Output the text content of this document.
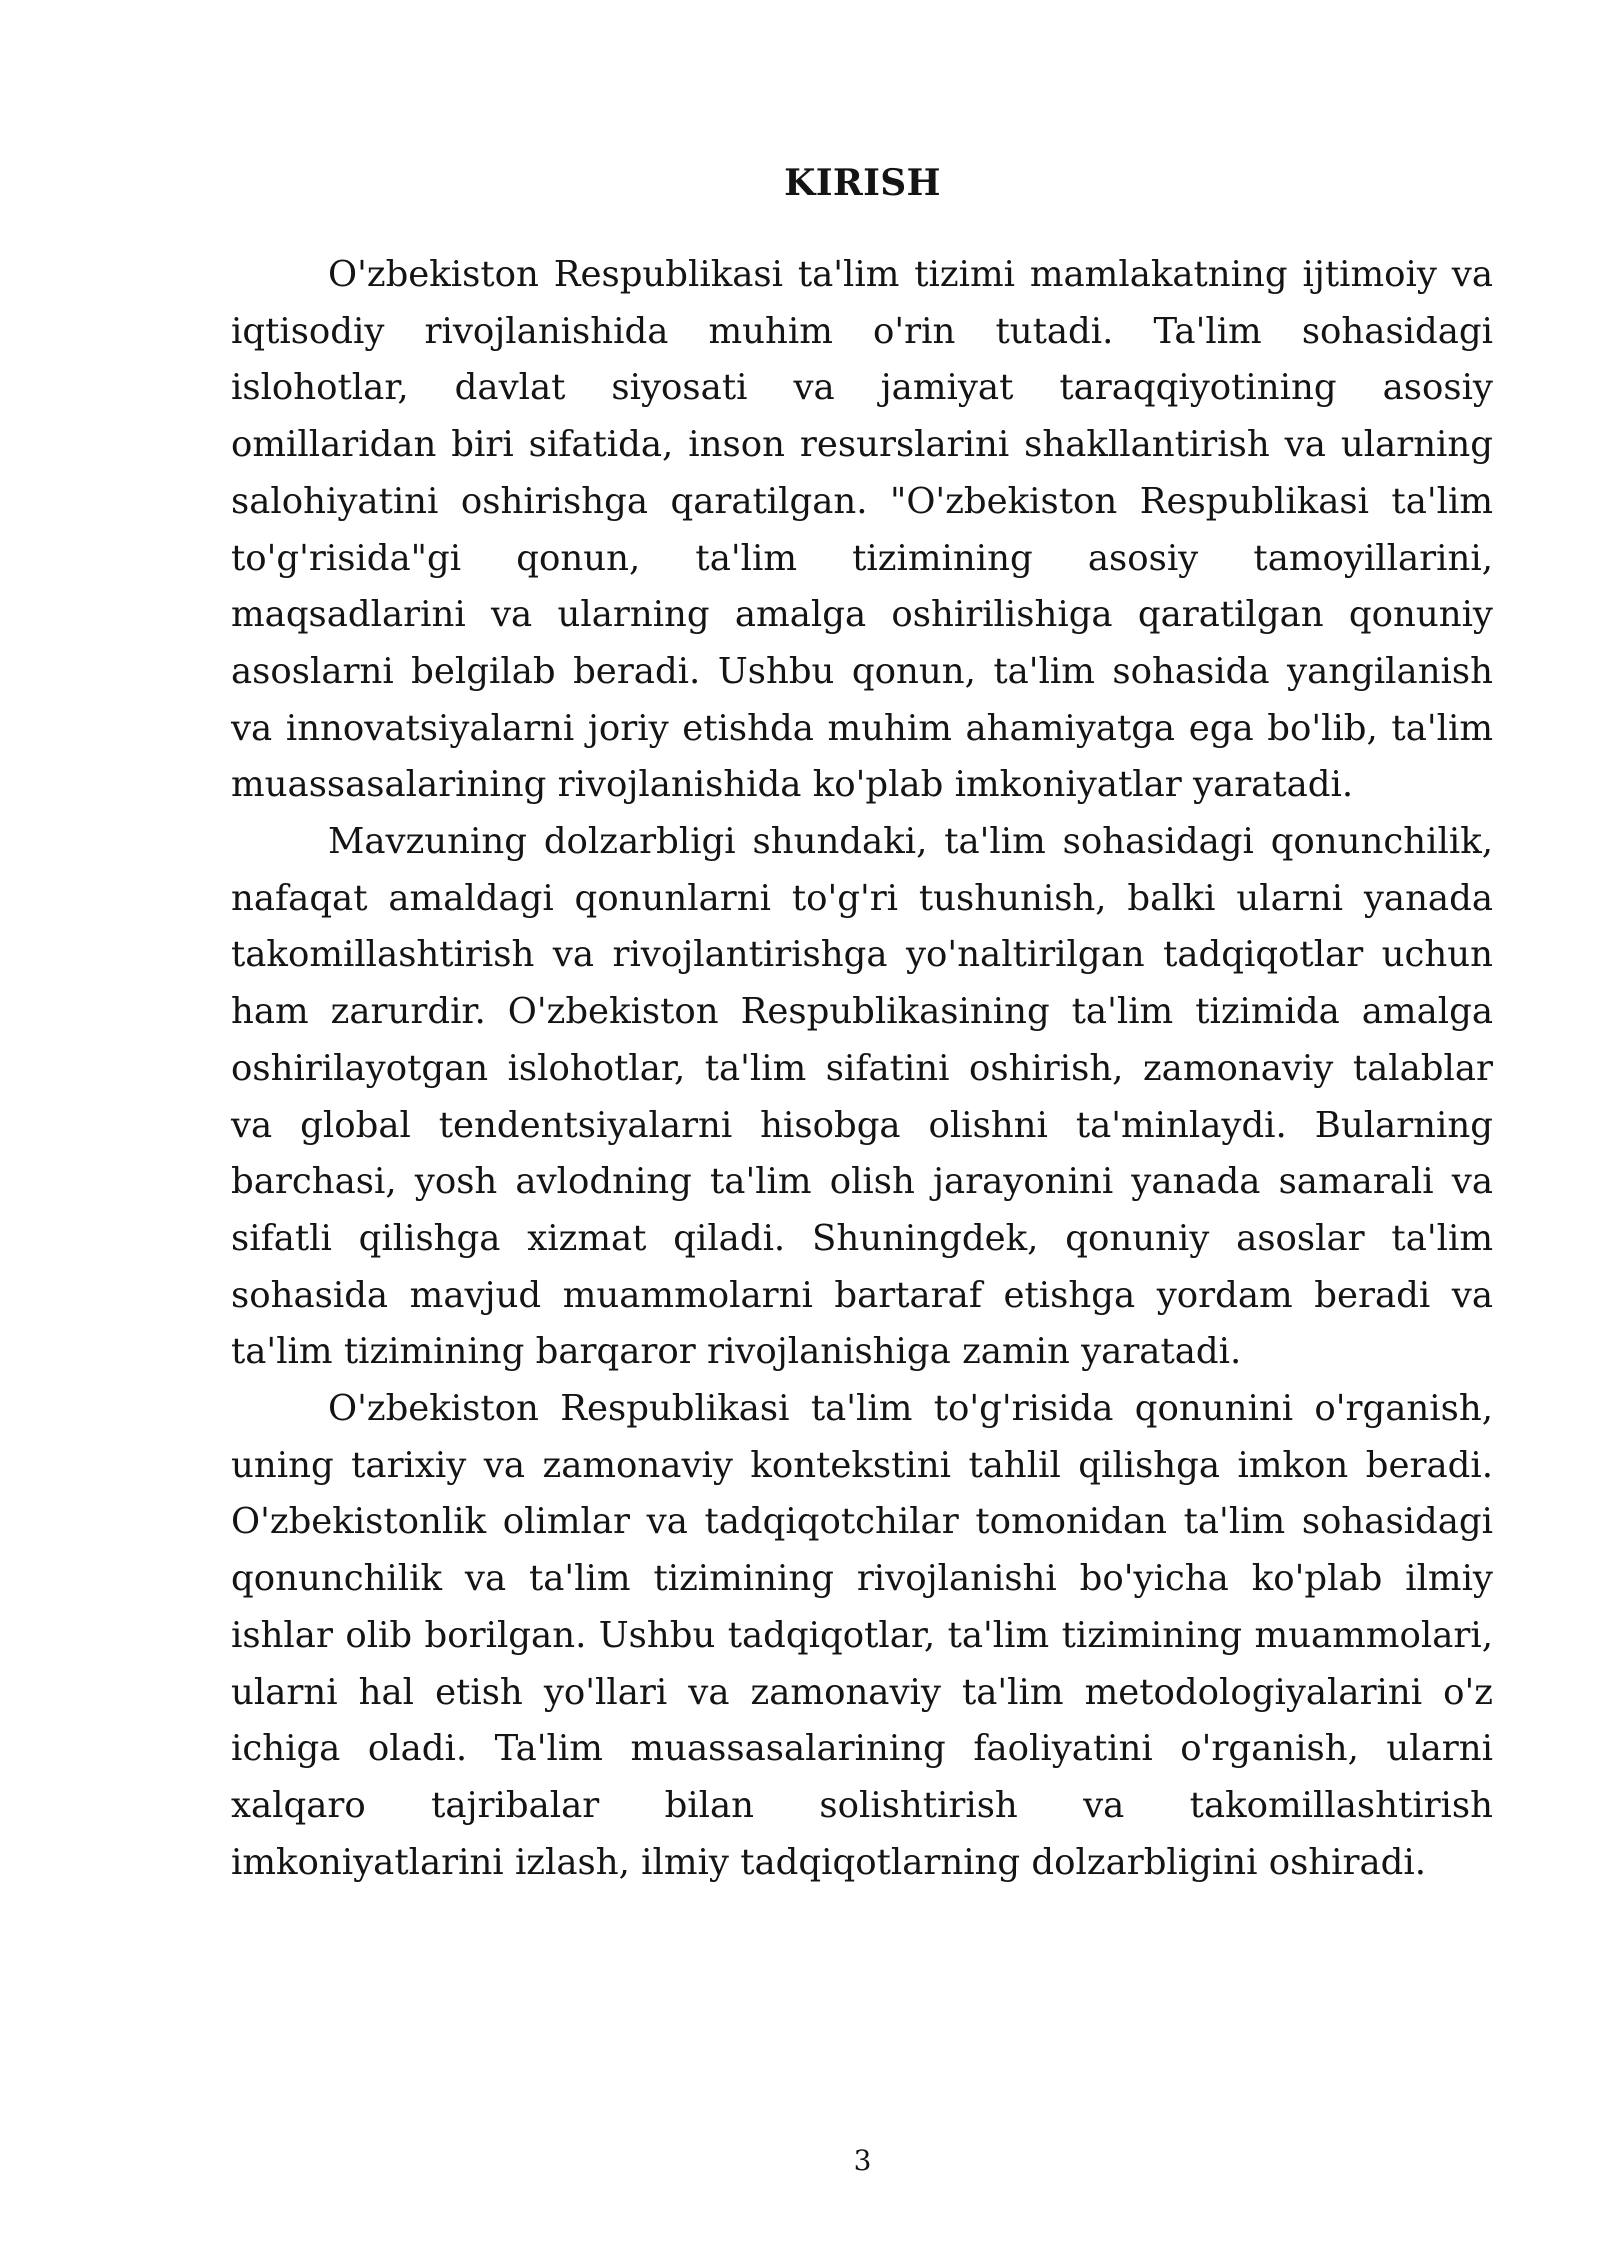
KIRISH

O'zbekiston Respublikasi ta'lim tizimi mamlakatning ijtimoiy va iqtisodiy rivojlanishida muhim o'rin tutadi. Ta'lim sohasidagi islohotlar, davlat siyosati va jamiyat taraqqiyotining asosiy omillaridan biri sifatida, inson resurslarini shakllantirish va ularning salohiyatini oshirishga qaratilgan. "O'zbekiston Respublikasi ta'lim to'g'risida"gi qonun, ta'lim tizimining asosiy tamoyillarini, maqsadlarini va ularning amalga oshirilishiga qaratilgan qonuniy asoslarni belgilab beradi. Ushbu qonun, ta'lim sohasida yangilanish va innovatsiyalarni joriy etishda muhim ahamiyatga ega bo'lib, ta'lim muassasalarining rivojlanishida ko'plab imkoniyatlar yaratadi.

Mavzuning dolzarbligi shundaki, ta'lim sohasidagi qonunchilik, nafaqat amaldagi qonunlarni to'g'ri tushunish, balki ularni yanada takomillashtirish va rivojlantirishga yo'naltirilgan tadqiqotlar uchun ham zarurdir. O'zbekiston Respublikasining ta'lim tizimida amalga oshirilayotgan islohotlar, ta'lim sifatini oshirish, zamonaviy talablar va global tendentsiyalarni hisobga olishni ta'minlaydi. Bularning barchasi, yosh avlodning ta'lim olish jarayonini yanada samarali va sifatli qilishga xizmat qiladi. Shuningdek, qonuniy asoslar ta'lim sohasida mavjud muammolarni bartaraf etishga yordam beradi va ta'lim tizimining barqaror rivojlanishiga zamin yaratadi.

O'zbekiston Respublikasi ta'lim to'g'risida qonunini o'rganish, uning tarixiy va zamonaviy kontekstini tahlil qilishga imkon beradi. O'zbekistonlik olimlar va tadqiqotchilar tomonidan ta'lim sohasidagi qonunchilik va ta'lim tizimining rivojlanishi bo'yicha ko'plab ilmiy ishlar olib borilgan. Ushbu tadqiqotlar, ta'lim tizimining muammolari, ularni hal etish yo'llari va zamonaviy ta'lim metodologiyalarini o'z ichiga oladi. Ta'lim muassasalarining faoliyatini o'rganish, ularni xalqaro tajribalar bilan solishtirish va takomillashtirish imkoniyatlarini izlash, ilmiy tadqiqotlarning dolzarbligini oshiradi.

3
